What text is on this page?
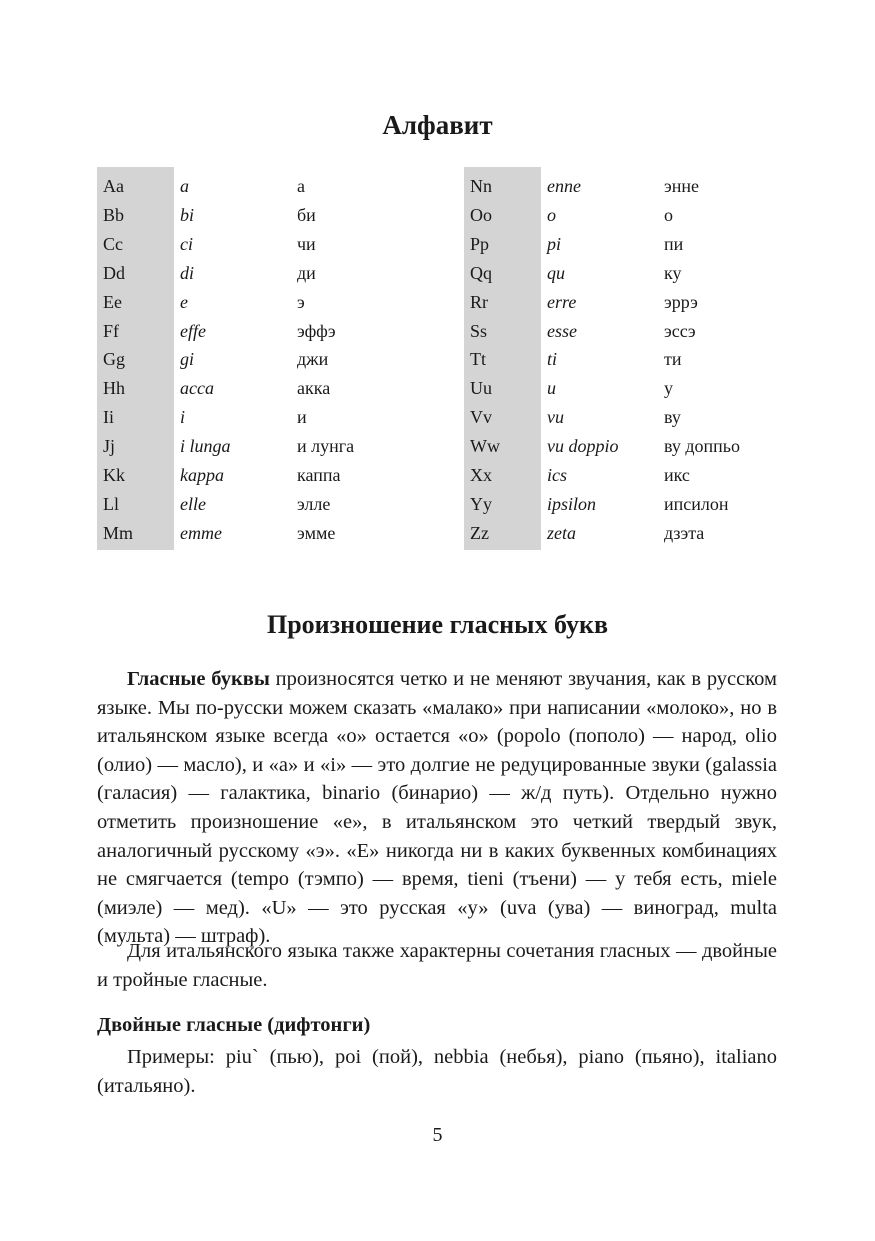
Алфавит
Aa	a	а
Bb	bi	би
Cc	ci	чи
Dd	di	ди
Ee	e	э
Ff	effe	эффэ
Gg	gi	джи
Hh	acca	акка
Ii	i	и
Jj	i lunga	и лунга
Kk	kappa	каппа
Ll	elle	элле
Mm	emme	эмме
Nn	enne	энне
Oo	o	о
Pp	pi	пи
Qq	qu	ку
Rr	erre	эррэ
Ss	esse	эссэ
Tt	ti	ти
Uu	u	у
Vv	vu	ву
Ww	vu doppio	ву доппьо
Xx	ics	икс
Yy	ipsilon	ипсилон
Zz	zeta	дзэта
Произношение гласных букв

Гласные буквы произносятся четко и не меняют звучания, как в русском языке. Мы по-русски можем сказать «малако» при написании «молоко», но в итальянском языке всегда «о» остается «о» (popolo (пополо) — народ, olio (олио) — масло), и «а» и «i» — это долгие не редуцированные звуки (galassia (галасия) — галактика, binario (бинарио) — ж/д путь). Отдельно нужно отметить произношение «е», в итальянском это четкий твердый звук, аналогичный русскому «э». «Е» никогда ни в каких буквенных комбинациях не смягчается (tempo (тэмпо) — время, tieni (тъени) — у тебя есть, miele (миэле) — мед). «U» — это русская «у» (uva (ува) — виноград, multa (мульта) — штраф).

Для итальянского языка также характерны сочетания гласных — двойные и тройные гласные.

Двойные гласные (дифтонги)

Примеры: piu` (пью), poi (пой), nebbia (небья), piano (пьяно), italiano (итальяно).

5
